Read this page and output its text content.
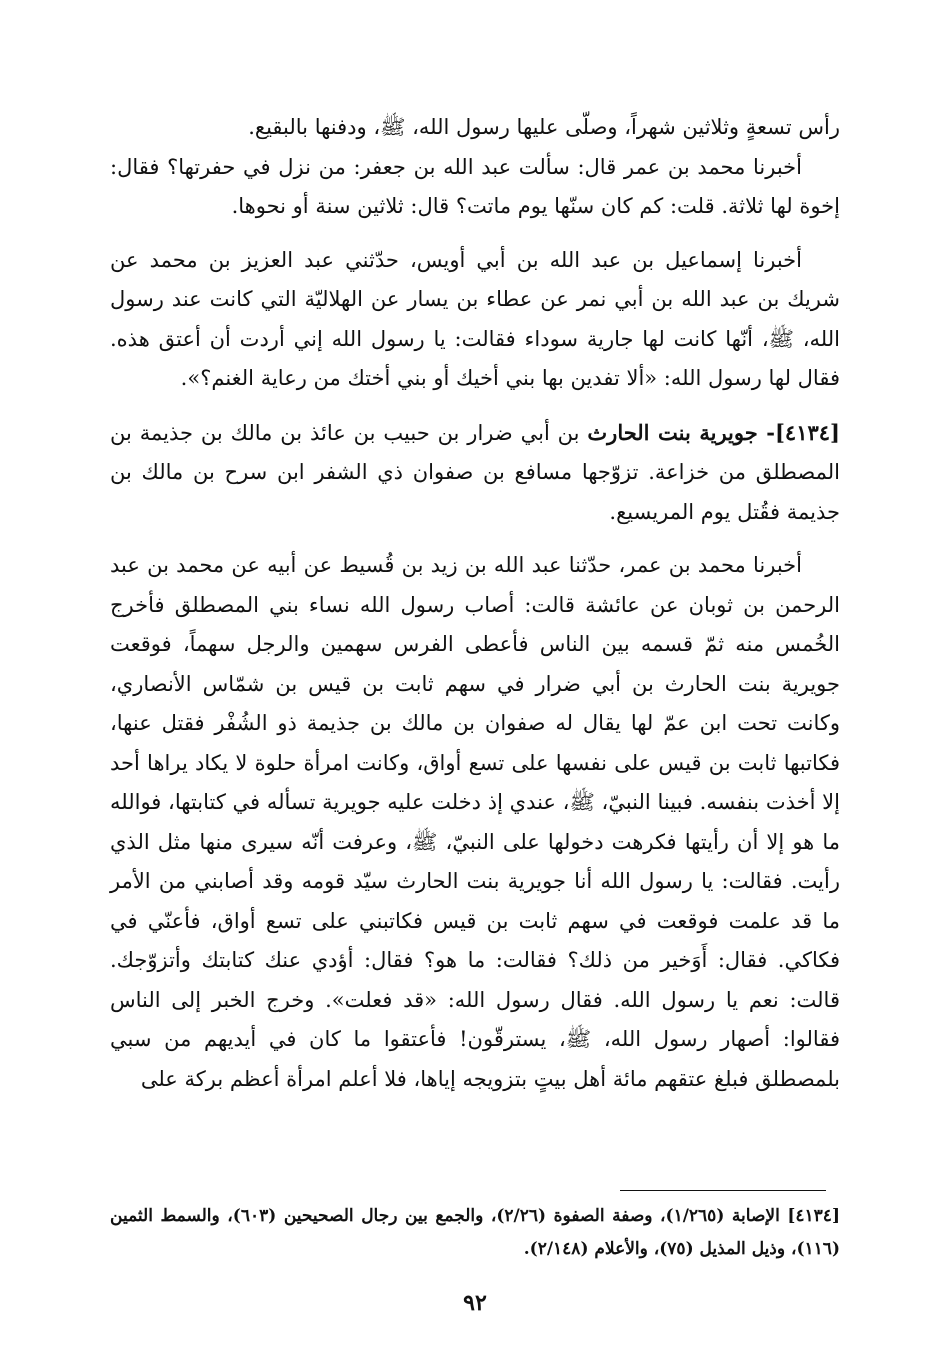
رأس تسعةٍ وثلاثين شهراً، وصلّى عليها رسول الله، ﷺ، ودفنها بالبقيع.

أخبرنا محمد بن عمر قال: سألت عبد الله بن جعفر: من نزل في حفرتها؟ فقال: إخوة لها ثلاثة. قلت: كم كان سنّها يوم ماتت؟ قال: ثلاثين سنة أو نحوها.

أخبرنا إسماعيل بن عبد الله بن أبي أويس، حدّثني عبد العزيز بن محمد عن شريك بن عبد الله بن أبي نمر عن عطاء بن يسار عن الهلاليّة التي كانت عند رسول الله، ﷺ، أنّها كانت لها جارية سوداء فقالت: يا رسول الله إني أردت أن أعتق هذه. فقال لها رسول الله: «ألا تفدين بها بني أخيك أو بني أختك من رعاية الغنم؟».

[٤١٣٤]- جويرية بنت الحارث بن أبي ضرار بن حبيب بن عائذ بن مالك بن جذيمة بن المصطلق من خزاعة. تزوّجها مسافع بن صفوان ذي الشفر ابن سرح بن مالك بن جذيمة فقُتل يوم المريسيع.

أخبرنا محمد بن عمر، حدّثنا عبد الله بن زيد بن قُسيط عن أبيه عن محمد بن عبد الرحمن بن ثوبان عن عائشة قالت: أصاب رسول الله نساء بني المصطلق فأخرج الخُمس منه ثمّ قسمه بين الناس فأعطى الفرس سهمين والرجل سهماً، فوقعت جويرية بنت الحارث بن أبي ضرار في سهم ثابت بن قيس بن شمّاس الأنصاري، وكانت تحت ابن عمّ لها يقال له صفوان بن مالك بن جذيمة ذو الشُفْر فقتل عنها، فكاتبها ثابت بن قيس على نفسها على تسع أواق، وكانت امرأة حلوة لا يكاد يراها أحد إلا أخذت بنفسه. فبينا النبيّ، ﷺ، عندي إذ دخلت عليه جويرية تسأله في كتابتها، فوالله ما هو إلا أن رأيتها فكرهت دخولها على النبيّ، ﷺ، وعرفت أنّه سيرى منها مثل الذي رأيت. فقالت: يا رسول الله أنا جويرية بنت الحارث سيّد قومه وقد أصابني من الأمر ما قد علمت فوقعت في سهم ثابت بن قيس فكاتبني على تسع أواق، فأعنّي في فكاكي. فقال: أَوَخير من ذلك؟ فقالت: ما هو؟ فقال: أؤدي عنك كتابتك وأتزوّجك. قالت: نعم يا رسول الله. فقال رسول الله: «قد فعلت». وخرج الخبر إلى الناس فقالوا: أصهار رسول الله، ﷺ، يسترقّون! فأعتقوا ما كان في أيديهم من سبي بلمصطلق فبلغ عتقهم مائة أهل بيتٍ بتزويجه إياها، فلا أعلم امرأة أعظم بركة على

[٤١٣٤] الإصابة (١/٢٦٥)، وصفة الصفوة (٢/٢٦)، والجمع بين رجال الصحيحين (٦٠٣)، والسمط الثمين (١١٦)، وذيل المذيل (٧٥)، والأعلام (٢/١٤٨).

٩٢
